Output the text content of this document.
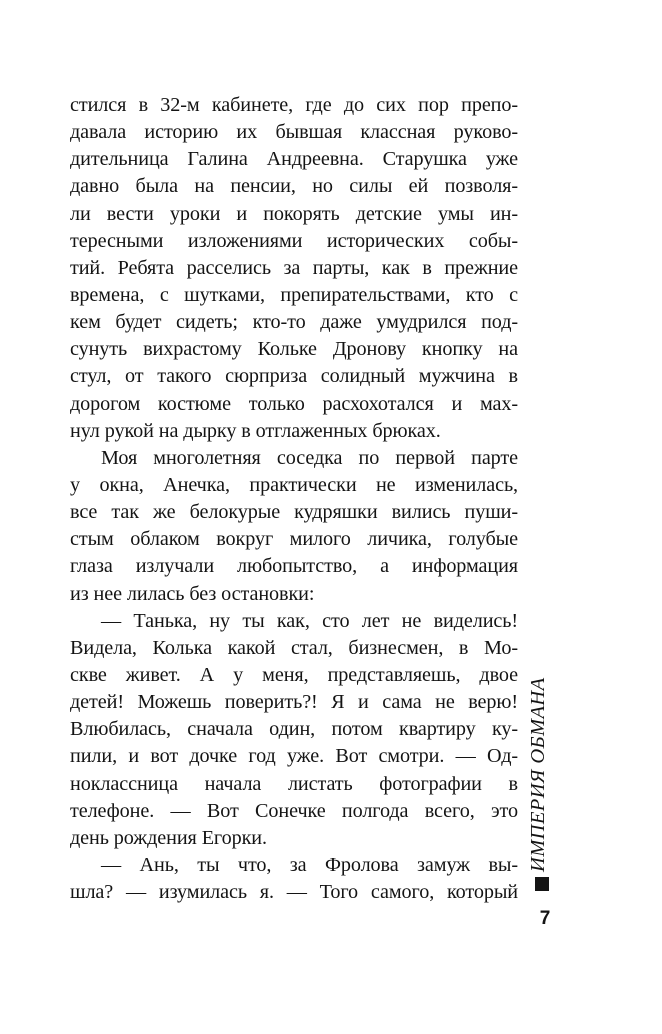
стился в 32-м кабинете, где до сих пор препо-
давала историю их бывшая классная руково-
дительница Галина Андреевна. Старушка уже
давно была на пенсии, но силы ей позволя-
ли вести уроки и покорять детские умы ин-
тересными изложениями исторических собы-
тий. Ребята расселись за парты, как в прежние
времена, с шутками, препирательствами, кто с
кем будет сидеть; кто-то даже умудрился под-
сунуть вихрастому Кольке Дронову кнопку на
стул, от такого сюрприза солидный мужчина в
дорогом костюме только расхохотался и мах-
нул рукой на дырку в отглаженных брюках.

Моя многолетняя соседка по первой парте
у окна, Анечка, практически не изменилась,
все так же белокурые кудряшки вились пуши-
стым облаком вокруг милого личика, голубые
глаза излучали любопытство, а информация
из нее лилась без остановки:

— Танька, ну ты как, сто лет не виделись!
Видела, Колька какой стал, бизнесмен, в Мо-
скве живет. А у меня, представляешь, двое
детей! Можешь поверить?! Я и сама не верю!
Влюбилась, сначала один, потом квартиру ку-
пили, и вот дочке год уже. Вот смотри. — Од-
ноклассница начала листать фотографии в
телефоне. — Вот Сонечке полгода всего, это
день рождения Егорки.

— Ань, ты что, за Фролова замуж вы-
шла? — изумилась я. — Того самого, который

ИМПЕРИЯ ОБМАНА
7
